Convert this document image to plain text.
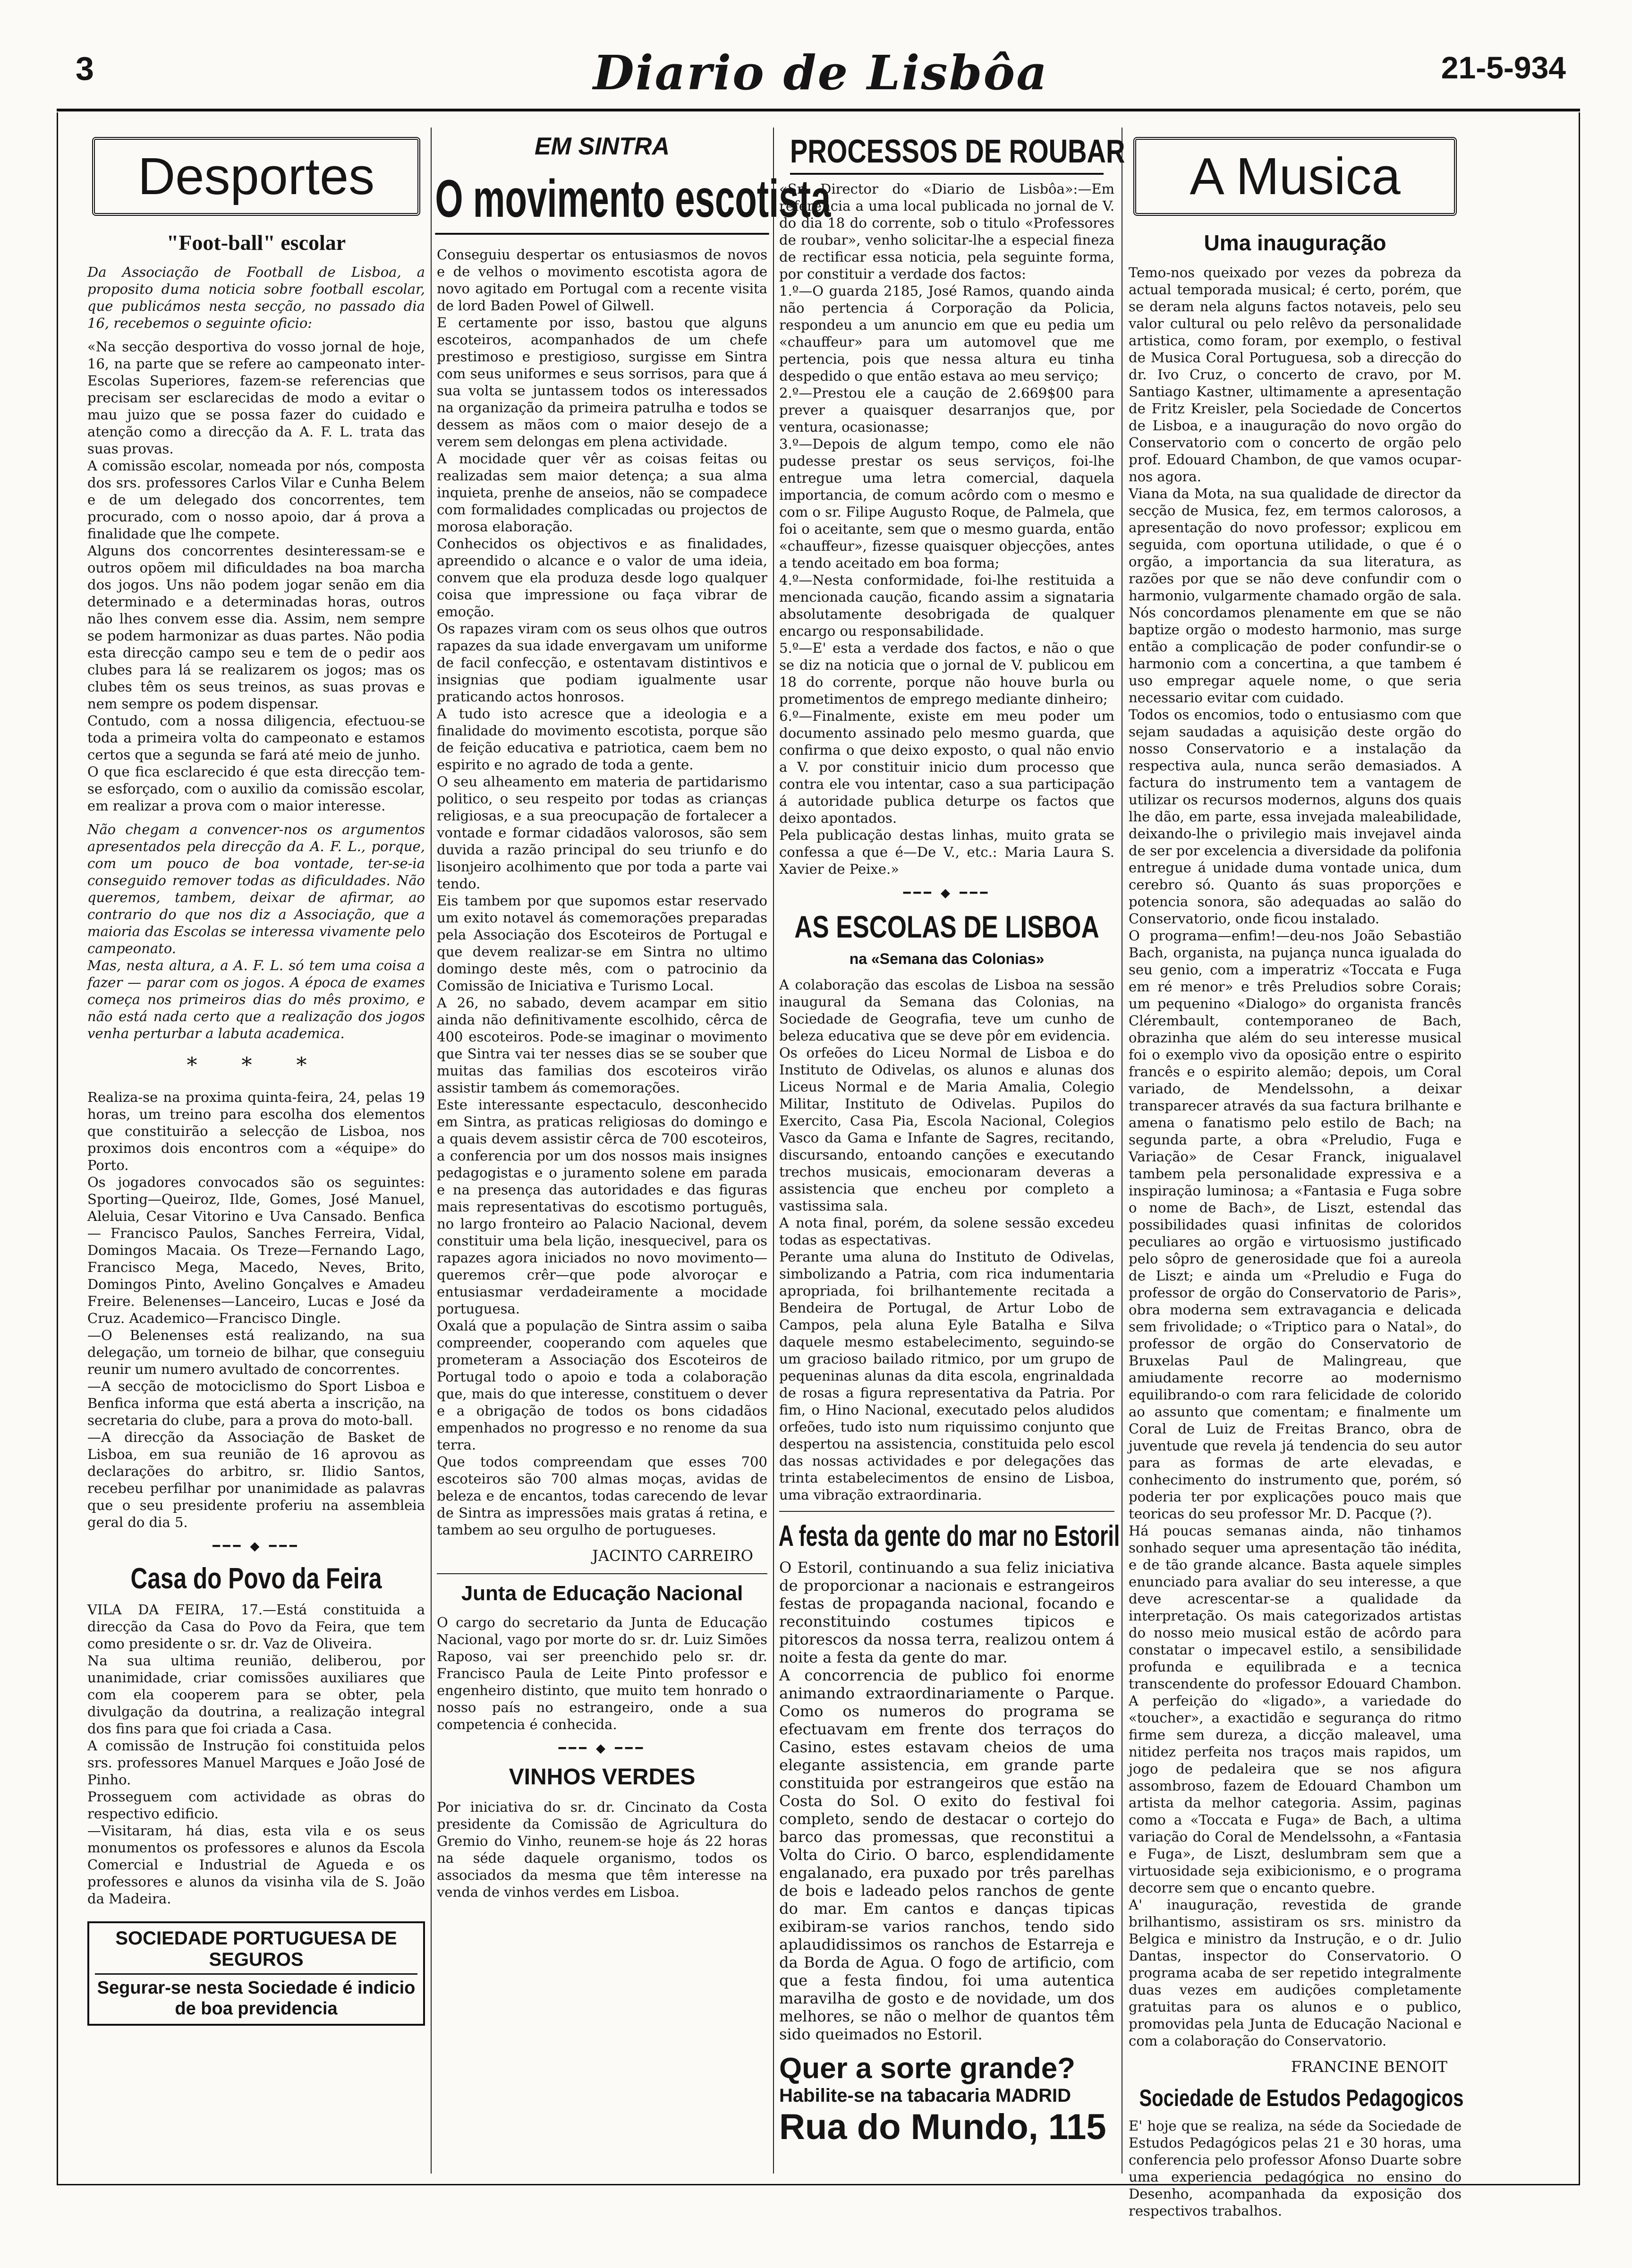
3	Diario de Lisbôa	21-5-934
Desportes
"Foot-ball" escolar

Da Associação de Football de Lisboa, a proposito duma noticia sobre football escolar, que publicámos nesta secção, no passado dia 16, recebemos o seguinte oficio:

«Na secção desportiva do vosso jornal de hoje, 16, na parte que se refere ao campeonato inter-Escolas Superiores, fazem-se referencias que precisam ser esclarecidas de modo a evitar o mau juizo que se possa fazer do cuidado e atenção como a direcção da A. F. L. trata das suas provas.

A comissão escolar, nomeada por nós, composta dos srs. professores Carlos Vilar e Cunha Belem e de um delegado dos concorrentes, tem procurado, com o nosso apoio, dar á prova a finalidade que lhe compete.

Alguns dos concorrentes desinteressam-se e outros opõem mil dificuldades na boa marcha dos jogos. Uns não podem jogar senão em dia determinado e a determinadas horas, outros não lhes convem esse dia. Assim, nem sempre se podem harmonizar as duas partes. Não podia esta direcção campo seu e tem de o pedir aos clubes para lá se realizarem os jogos; mas os clubes têm os seus treinos, as suas provas e nem sempre os podem dispensar.

Contudo, com a nossa diligencia, efectuou-se toda a primeira volta do campeonato e estamos certos que a segunda se fará até meio de junho.

O que fica esclarecido é que esta direcção tem-se esforçado, com o auxilio da comissão escolar, em realizar a prova com o maior interesse.

Não chegam a convencer-nos os argumentos apresentados pela direcção da A. F. L., porque, com um pouco de boa vontade, ter-se-ia conseguido remover todas as dificuldades. Não queremos, tambem, deixar de afirmar, ao contrario do que nos diz a Associação, que a maioria das Escolas se interessa vivamente pelo campeonato.

Mas, nesta altura, a A. F. L. só tem uma coisa a fazer — parar com os jogos. A época de exames começa nos primeiros dias do mês proximo, e não está nada certo que a realização dos jogos venha perturbar a labuta academica.

* * *

Realiza-se na proxima quinta-feira, 24, pelas 19 horas, um treino para escolha dos elementos que constituirão a selecção de Lisboa, nos proximos dois encontros com a «équipe» do Porto.

Os jogadores convocados são os seguintes: Sporting—Queiroz, Ilde, Gomes, José Manuel, Aleluia, Cesar Vitorino e Uva Cansado. Benfica — Francisco Paulos, Sanches Ferreira, Vidal, Domingos Macaia. Os Treze—Fernando Lago, Francisco Mega, Macedo, Neves, Brito, Domingos Pinto, Avelino Gonçalves e Amadeu Freire. Belenenses—Lanceiro, Lucas e José da Cruz. Academico—Francisco Dingle.

—O Belenenses está realizando, na sua delegação, um torneio de bilhar, que conseguiu reunir um numero avultado de concorrentes.

—A secção de motociclismo do Sport Lisboa e Benfica informa que está aberta a inscrição, na secretaria do clube, para a prova do moto-ball.

—A direcção da Associação de Basket de Lisboa, em sua reunião de 16 aprovou as declarações do arbitro, sr. Ilidio Santos, recebeu perfilhar por unanimidade as palavras que o seu presidente proferiu na assembleia geral do dia 5.

━━━ ◆ ━━━
Casa do Povo da Feira

VILA DA FEIRA, 17.—Está constituida a direcção da Casa do Povo da Feira, que tem como presidente o sr. dr. Vaz de Oliveira.

Na sua ultima reunião, deliberou, por unanimidade, criar comissões auxiliares que com ela cooperem para se obter, pela divulgação da doutrina, a realização integral dos fins para que foi criada a Casa.

A comissão de Instrução foi constituida pelos srs. professores Manuel Marques e João José de Pinho.

Prosseguem com actividade as obras do respectivo edificio.

—Visitaram, há dias, esta vila e os seus monumentos os professores e alunos da Escola Comercial e Industrial de Agueda e os professores e alunos da visinha vila de S. João da Madeira.

SOCIEDADE PORTUGUESA DE SEGUROS
Segurar-se nesta Sociedade é indicio de boa previdencia
EM SINTRA
O movimento escotista

Conseguiu despertar os entusiasmos de novos e de velhos o movimento escotista agora de novo agitado em Portugal com a recente visita de lord Baden Powel of Gilwell.

E certamente por isso, bastou que alguns escoteiros, acompanhados de um chefe prestimoso e prestigioso, surgisse em Sintra com seus uniformes e seus sorrisos, para que á sua volta se juntassem todos os interessados na organização da primeira patrulha e todos se dessem as mãos com o maior desejo de a verem sem delongas em plena actividade.

A mocidade quer vêr as coisas feitas ou realizadas sem maior detença; a sua alma inquieta, prenhe de anseios, não se compadece com formalidades complicadas ou projectos de morosa elaboração.

Conhecidos os objectivos e as finalidades, apreendido o alcance e o valor de uma ideia, convem que ela produza desde logo qualquer coisa que impressione ou faça vibrar de emoção.

Os rapazes viram com os seus olhos que outros rapazes da sua idade envergavam um uniforme de facil confecção, e ostentavam distintivos e insignias que podiam igualmente usar praticando actos honrosos.

A tudo isto acresce que a ideologia e a finalidade do movimento escotista, porque são de feição educativa e patriotica, caem bem no espirito e no agrado de toda a gente.

O seu alheamento em materia de partidarismo politico, o seu respeito por todas as crianças religiosas, e a sua preocupação de fortalecer a vontade e formar cidadãos valorosos, são sem duvida a razão principal do seu triunfo e do lisonjeiro acolhimento que por toda a parte vai tendo.

Eis tambem por que supomos estar reservado um exito notavel ás comemorações preparadas pela Associação dos Escoteiros de Portugal e que devem realizar-se em Sintra no ultimo domingo deste mês, com o patrocinio da Comissão de Iniciativa e Turismo Local.

A 26, no sabado, devem acampar em sitio ainda não definitivamente escolhido, cêrca de 400 escoteiros. Pode-se imaginar o movimento que Sintra vai ter nesses dias se se souber que muitas das familias dos escoteiros virão assistir tambem ás comemorações.

Este interessante espectaculo, desconhecido em Sintra, as praticas religiosas do domingo e a quais devem assistir cêrca de 700 escoteiros, a conferencia por um dos nossos mais insignes pedagogistas e o juramento solene em parada e na presença das autoridades e das figuras mais representativas do escotismo português, no largo fronteiro ao Palacio Nacional, devem constituir uma bela lição, inesquecivel, para os rapazes agora iniciados no novo movimento—queremos crêr—que pode alvoroçar e entusiasmar verdadeiramente a mocidade portuguesa.

Oxalá que a população de Sintra assim o saiba compreender, cooperando com aqueles que prometeram a Associação dos Escoteiros de Portugal todo o apoio e toda a colaboração que, mais do que interesse, constituem o dever e a obrigação de todos os bons cidadãos empenhados no progresso e no renome da sua terra.

Que todos compreendam que esses 700 escoteiros são 700 almas moças, avidas de beleza e de encantos, todas carecendo de levar de Sintra as impressões mais gratas á retina, e tambem ao seu orgulho de portugueses.

JACINTO CARREIRO
Junta de Educação Nacional

O cargo do secretario da Junta de Educação Nacional, vago por morte do sr. dr. Luiz Simões Raposo, vai ser preenchido pelo sr. dr. Francisco Paula de Leite Pinto professor e engenheiro distinto, que muito tem honrado o nosso país no estrangeiro, onde a sua competencia é conhecida.

━━━ ◆ ━━━
VINHOS VERDES

Por iniciativa do sr. dr. Cincinato da Costa presidente da Comissão de Agricultura do Gremio do Vinho, reunem-se hoje ás 22 horas na séde daquele organismo, todos os associados da mesma que têm interesse na venda de vinhos verdes em Lisboa.

PROCESSOS DE ROUBAR

«Sr. Director do «Diario de Lisbôa»:—Em referencia a uma local publicada no jornal de V. do dia 18 do corrente, sob o titulo «Professores de roubar», venho solicitar-lhe a especial fineza de rectificar essa noticia, pela seguinte forma, por constituir a verdade dos factos:

1.º—O guarda 2185, José Ramos, quando ainda não pertencia á Corporação da Policia, respondeu a um anuncio em que eu pedia um «chauffeur» para um automovel que me pertencia, pois que nessa altura eu tinha despedido o que então estava ao meu serviço;

2.º—Prestou ele a caução de 2.669$00 para prever a quaisquer desarranjos que, por ventura, ocasionasse;

3.º—Depois de algum tempo, como ele não pudesse prestar os seus serviços, foi-lhe entregue uma letra comercial, daquela importancia, de comum acôrdo com o mesmo e com o sr. Filipe Augusto Roque, de Palmela, que foi o aceitante, sem que o mesmo guarda, então «chauffeur», fizesse quaisquer objecções, antes a tendo aceitado em boa forma;

4.º—Nesta conformidade, foi-lhe restituida a mencionada caução, ficando assim a signataria absolutamente desobrigada de qualquer encargo ou responsabilidade.

5.º—E' esta a verdade dos factos, e não o que se diz na noticia que o jornal de V. publicou em 18 do corrente, porque não houve burla ou prometimentos de emprego mediante dinheiro;

6.º—Finalmente, existe em meu poder um documento assinado pelo mesmo guarda, que confirma o que deixo exposto, o qual não envio a V. por constituir inicio dum processo que contra ele vou intentar, caso a sua participação á autoridade publica deturpe os factos que deixo apontados.

Pela publicação destas linhas, muito grata se confessa a que é—De V., etc.: Maria Laura S. Xavier de Peixe.»

━━━ ◆ ━━━
AS ESCOLAS DE LISBOA
na «Semana das Colonias»

A colaboração das escolas de Lisboa na sessão inaugural da Semana das Colonias, na Sociedade de Geografia, teve um cunho de beleza educativa que se deve pôr em evidencia.

Os orfeões do Liceu Normal de Lisboa e do Instituto de Odivelas, os alunos e alunas dos Liceus Normal e de Maria Amalia, Colegio Militar, Instituto de Odivelas. Pupilos do Exercito, Casa Pia, Escola Nacional, Colegios Vasco da Gama e Infante de Sagres, recitando, discursando, entoando canções e executando trechos musicais, emocionaram deveras a assistencia que encheu por completo a vastissima sala.

A nota final, porém, da solene sessão excedeu todas as espectativas.

Perante uma aluna do Instituto de Odivelas, simbolizando a Patria, com rica indumentaria apropriada, foi brilhantemente recitada a Bendeira de Portugal, de Artur Lobo de Campos, pela aluna Eyle Batalha e Silva daquele mesmo estabelecimento, seguindo-se um gracioso bailado ritmico, por um grupo de pequeninas alunas da dita escola, engrinaldada de rosas a figura representativa da Patria. Por fim, o Hino Nacional, executado pelos aludidos orfeões, tudo isto num riquissimo conjunto que despertou na assistencia, constituida pelo escol das nossas actividades e por delegações das trinta estabelecimentos de ensino de Lisboa, uma vibração extraordinaria.

A festa da gente do mar no Estoril

O Estoril, continuando a sua feliz iniciativa de proporcionar a nacionais e estrangeiros festas de propaganda nacional, focando e reconstituindo costumes tipicos e pitorescos da nossa terra, realizou ontem á noite a festa da gente do mar.

A concorrencia de publico foi enorme animando extraordinariamente o Parque. Como os numeros do programa se efectuavam em frente dos terraços do Casino, estes estavam cheios de uma elegante assistencia, em grande parte constituida por estrangeiros que estão na Costa do Sol. O exito do festival foi completo, sendo de destacar o cortejo do barco das promessas, que reconstitui a Volta do Cirio. O barco, esplendidamente engalanado, era puxado por três parelhas de bois e ladeado pelos ranchos de gente do mar. Em cantos e danças tipicas exibiram-se varios ranchos, tendo sido aplaudidissimos os ranchos de Estarreja e da Borda de Agua. O fogo de artificio, com que a festa findou, foi uma autentica maravilha de gosto e de novidade, um dos melhores, se não o melhor de quantos têm sido queimados no Estoril.

Quer a sorte grande?
Habilite-se na tabacaria MADRID
Rua do Mundo, 115
A Musica
Uma inauguração

Temo-nos queixado por vezes da pobreza da actual temporada musical; é certo, porém, que se deram nela alguns factos notaveis, pelo seu valor cultural ou pelo relêvo da personalidade artistica, como foram, por exemplo, o festival de Musica Coral Portuguesa, sob a direcção do dr. Ivo Cruz, o concerto de cravo, por M. Santiago Kastner, ultimamente a apresentação de Fritz Kreisler, pela Sociedade de Concertos de Lisboa, e a inauguração do novo orgão do Conservatorio com o concerto de orgão pelo prof. Edouard Chambon, de que vamos ocupar-nos agora.

Viana da Mota, na sua qualidade de director da secção de Musica, fez, em termos calorosos, a apresentação do novo professor; explicou em seguida, com oportuna utilidade, o que é o orgão, a importancia da sua literatura, as razões por que se não deve confundir com o harmonio, vulgarmente chamado orgão de sala. Nós concordamos plenamente em que se não baptize orgão o modesto harmonio, mas surge então a complicação de poder confundir-se o harmonio com a concertina, a que tambem é uso empregar aquele nome, o que seria necessario evitar com cuidado.

Todos os encomios, todo o entusiasmo com que sejam saudadas a aquisição deste orgão do nosso Conservatorio e a instalação da respectiva aula, nunca serão demasiados. A factura do instrumento tem a vantagem de utilizar os recursos modernos, alguns dos quais lhe dão, em parte, essa invejada maleabilidade, deixando-lhe o privilegio mais invejavel ainda de ser por excelencia a diversidade da polifonia entregue á unidade duma vontade unica, dum cerebro só. Quanto ás suas proporções e potencia sonora, são adequadas ao salão do Conservatorio, onde ficou instalado.

O programa—enfim!—deu-nos João Sebastião Bach, organista, na pujança nunca igualada do seu genio, com a imperatriz «Toccata e Fuga em ré menor» e três Preludios sobre Corais; um pequenino «Dialogo» do organista francês Clérembault, contemporaneo de Bach, obrazinha que além do seu interesse musical foi o exemplo vivo da oposição entre o espirito francês e o espirito alemão; depois, um Coral variado, de Mendelssohn, a deixar transparecer através da sua factura brilhante e amena o fanatismo pelo estilo de Bach; na segunda parte, a obra «Preludio, Fuga e Variação» de Cesar Franck, inigualavel tambem pela personalidade expressiva e a inspiração luminosa; a «Fantasia e Fuga sobre o nome de Bach», de Liszt, estendal das possibilidades quasi infinitas de coloridos peculiares ao orgão e virtuosismo justificado pelo sôpro de generosidade que foi a aureola de Liszt; e ainda um «Preludio e Fuga do professor de orgão do Conservatorio de Paris», obra moderna sem extravagancia e delicada sem frivolidade; o «Triptico para o Natal», do professor de orgão do Conservatorio de Bruxelas Paul de Malingreau, que amiudamente recorre ao modernismo equilibrando-o com rara felicidade de colorido ao assunto que comentam; e finalmente um Coral de Luiz de Freitas Branco, obra de juventude que revela já tendencia do seu autor para as formas de arte elevadas, e conhecimento do instrumento que, porém, só poderia ter por explicações pouco mais que teoricas do seu professor Mr. D. Pacque (?).

Há poucas semanas ainda, não tinhamos sonhado sequer uma apresentação tão inédita, e de tão grande alcance. Basta aquele simples enunciado para avaliar do seu interesse, a que deve acrescentar-se a qualidade da interpretação. Os mais categorizados artistas do nosso meio musical estão de acôrdo para constatar o impecavel estilo, a sensibilidade profunda e equilibrada e a tecnica transcendente do professor Edouard Chambon. A perfeição do «ligado», a variedade do «toucher», a exactidão e segurança do ritmo firme sem dureza, a dicção maleavel, uma nitidez perfeita nos traços mais rapidos, um jogo de pedaleira que se nos afigura assombroso, fazem de Edouard Chambon um artista da melhor categoria. Assim, paginas como a «Toccata e Fuga» de Bach, a ultima variação do Coral de Mendelssohn, a «Fantasia e Fuga», de Liszt, deslumbram sem que a virtuosidade seja exibicionismo, e o programa decorre sem que o encanto quebre.

A' inauguração, revestida de grande brilhantismo, assistiram os srs. ministro da Belgica e ministro da Instrução, e o dr. Julio Dantas, inspector do Conservatorio. O programa acaba de ser repetido integralmente duas vezes em audições completamente gratuitas para os alunos e o publico, promovidas pela Junta de Educação Nacional e com a colaboração do Conservatorio.

FRANCINE BENOIT
Sociedade de Estudos Pedagogicos

E' hoje que se realiza, na séde da Sociedade de Estudos Pedagógicos pelas 21 e 30 horas, uma conferencia pelo professor Afonso Duarte sobre uma experiencia pedagógica no ensino do Desenho, acompanhada da exposição dos respectivos trabalhos.
